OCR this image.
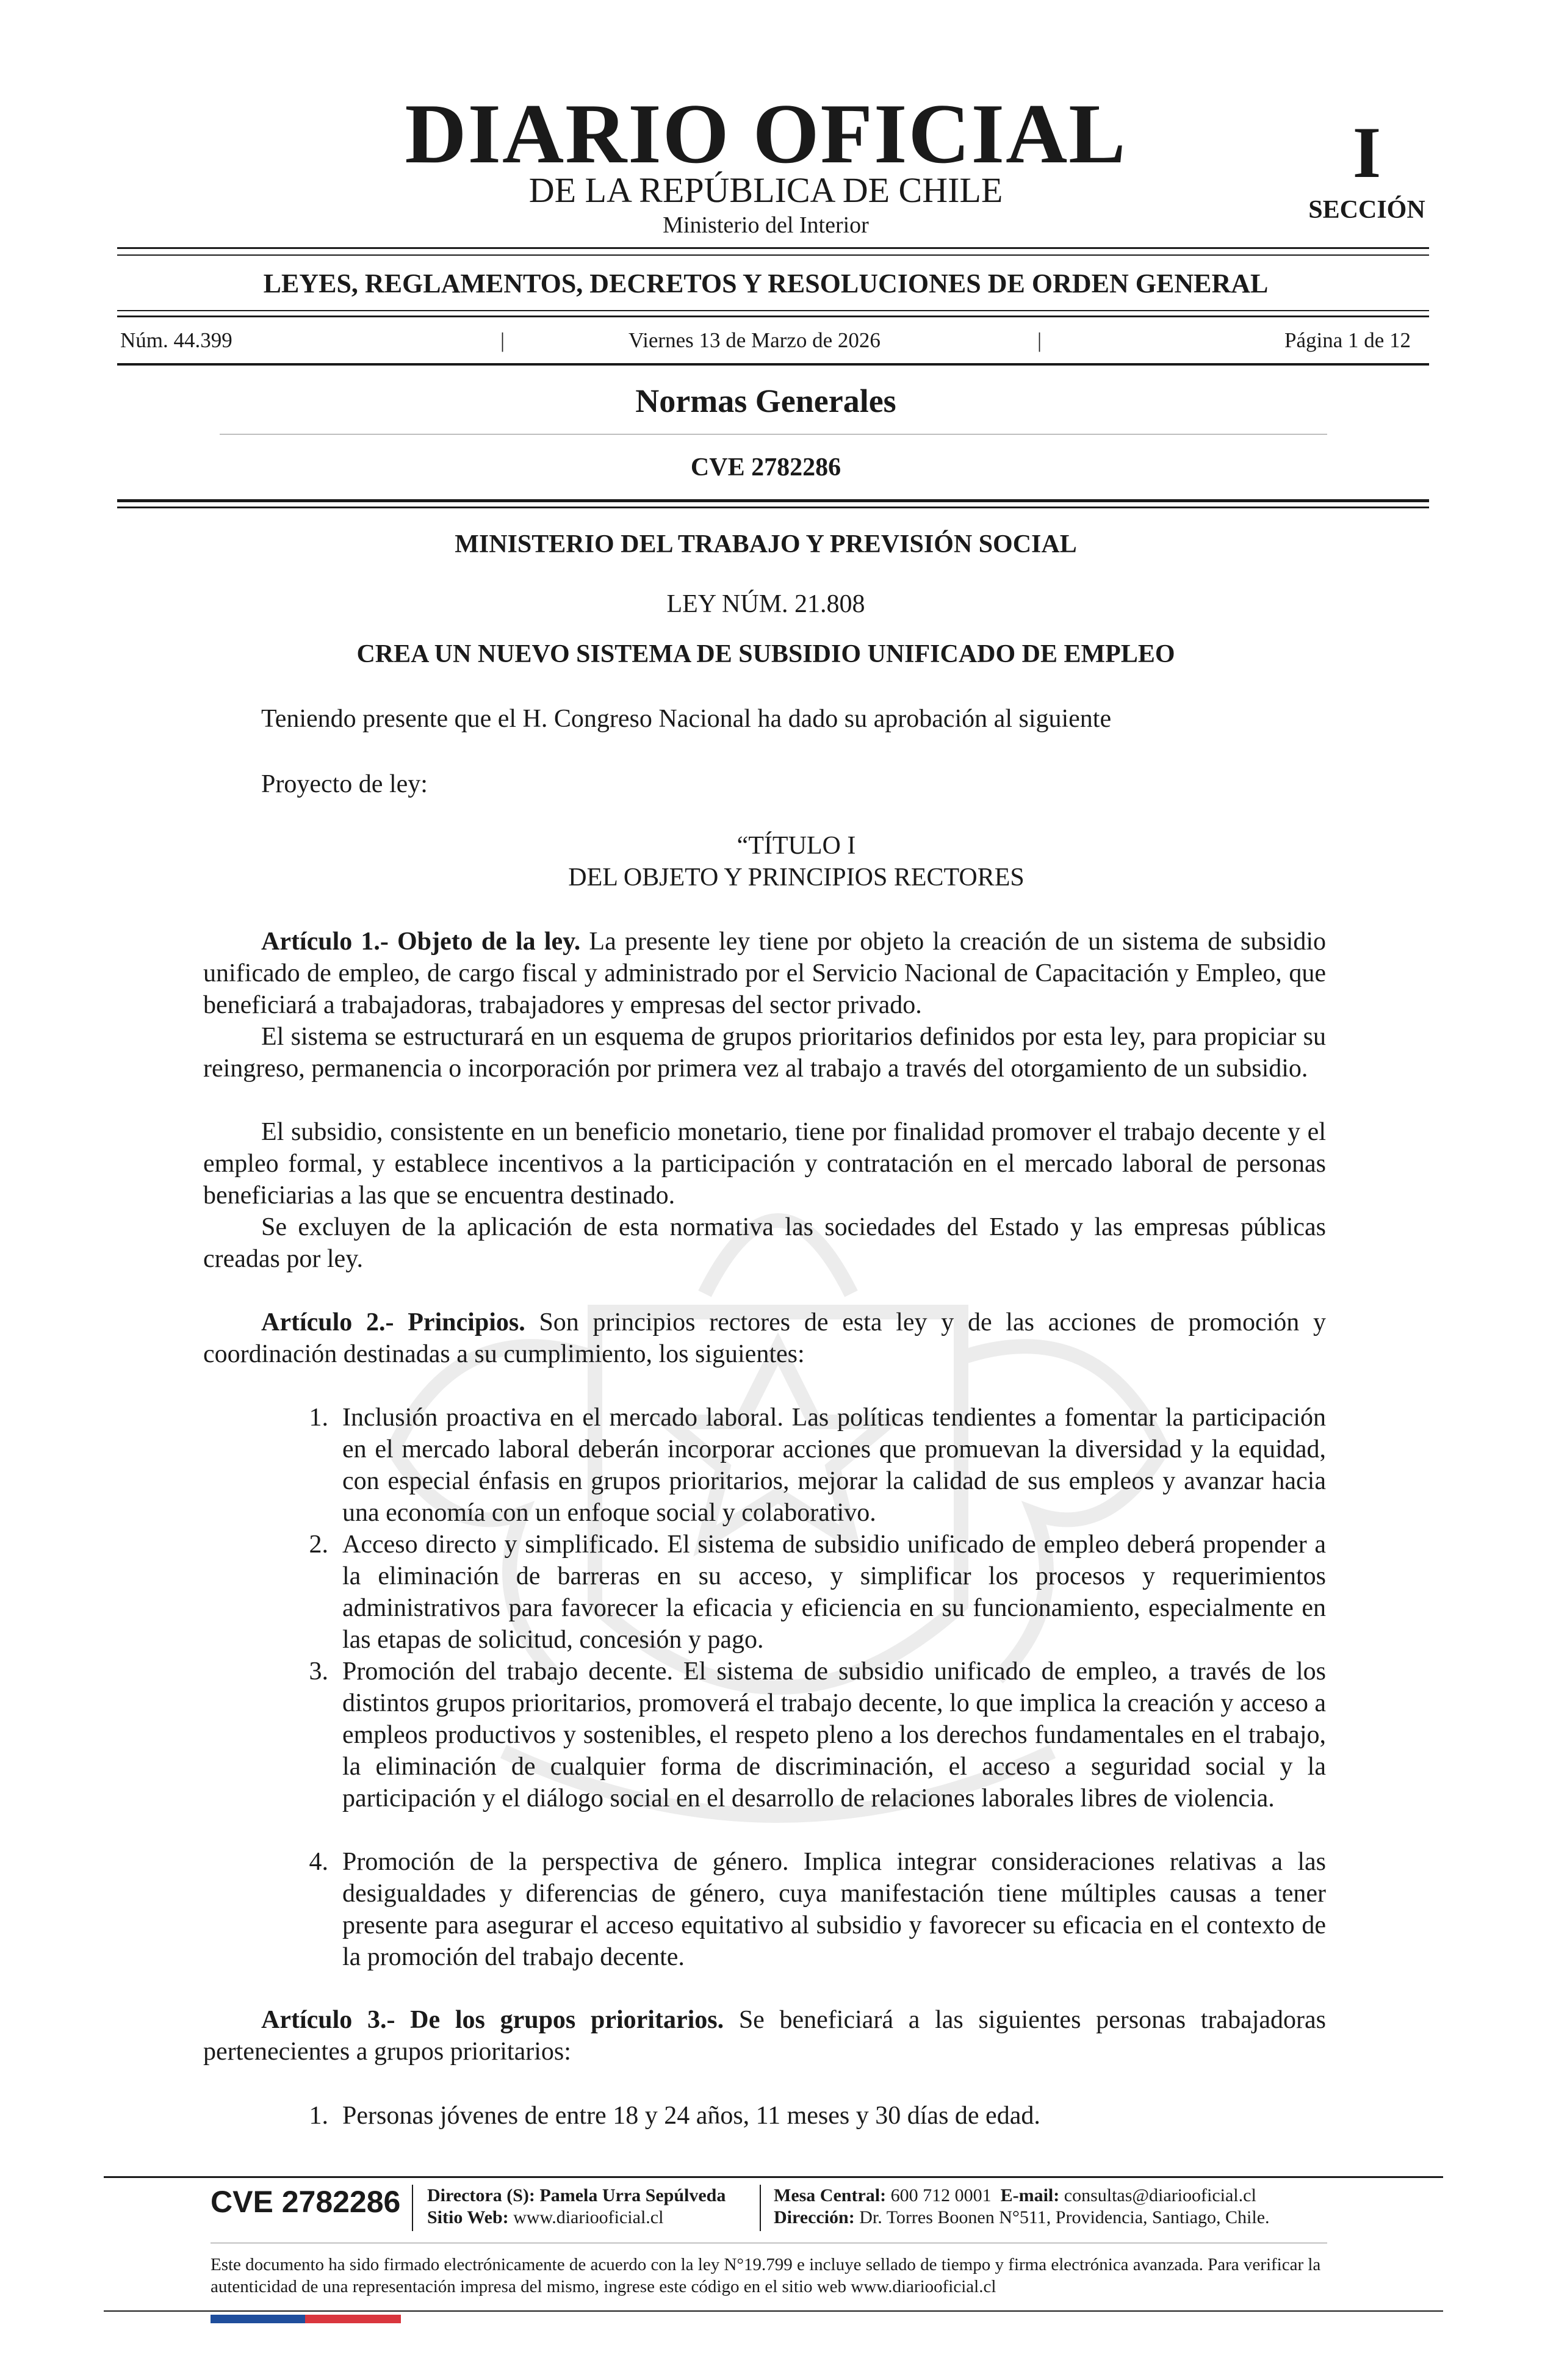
DIARIO OFICIAL
DE LA REPÚBLICA DE CHILE
Ministerio del Interior
I
SECCIÓN
LEYES, REGLAMENTOS, DECRETOS Y RESOLUCIONES DE ORDEN GENERAL
Núm. 44.399	|	Viernes 13 de Marzo de 2026	|	Página 1 de 12
Normas Generales
CVE 2782286
MINISTERIO DEL TRABAJO Y PREVISIÓN SOCIAL
LEY NÚM. 21.808
CREA UN NUEVO SISTEMA DE SUBSIDIO UNIFICADO DE EMPLEO
Teniendo presente que el H. Congreso Nacional ha dado su aprobación al siguiente
Proyecto de ley:
“TÍTULO I
DEL OBJETO Y PRINCIPIOS RECTORES
Artículo 1.- Objeto de la ley. La presente ley tiene por objeto la creación de un sistema de subsidio unificado de empleo, de cargo fiscal y administrado por el Servicio Nacional de Capacitación y Empleo, que beneficiará a trabajadoras, trabajadores y empresas del sector privado.
El sistema se estructurará en un esquema de grupos prioritarios definidos por esta ley, para propiciar su reingreso, permanencia o incorporación por primera vez al trabajo a través del otorgamiento de un subsidio.
El subsidio, consistente en un beneficio monetario, tiene por finalidad promover el trabajo decente y el empleo formal, y establece incentivos a la participación y contratación en el mercado laboral de personas beneficiarias a las que se encuentra destinado.
Se excluyen de la aplicación de esta normativa las sociedades del Estado y las empresas públicas creadas por ley.
Artículo 2.- Principios. Son principios rectores de esta ley y de las acciones de promoción y coordinación destinadas a su cumplimiento, los siguientes:
1. Inclusión proactiva en el mercado laboral. Las políticas tendientes a fomentar la participación en el mercado laboral deberán incorporar acciones que promuevan la diversidad y la equidad, con especial énfasis en grupos prioritarios, mejorar la calidad de sus empleos y avanzar hacia una economía con un enfoque social y colaborativo.
2. Acceso directo y simplificado. El sistema de subsidio unificado de empleo deberá propender a la eliminación de barreras en su acceso, y simplificar los procesos y requerimientos administrativos para favorecer la eficacia y eficiencia en su funcionamiento, especialmente en las etapas de solicitud, concesión y pago.
3. Promoción del trabajo decente. El sistema de subsidio unificado de empleo, a través de los distintos grupos prioritarios, promoverá el trabajo decente, lo que implica la creación y acceso a empleos productivos y sostenibles, el respeto pleno a los derechos fundamentales en el trabajo, la eliminación de cualquier forma de discriminación, el acceso a seguridad social y la participación y el diálogo social en el desarrollo de relaciones laborales libres de violencia.
4. Promoción de la perspectiva de género. Implica integrar consideraciones relativas a las desigualdades y diferencias de género, cuya manifestación tiene múltiples causas a tener presente para asegurar el acceso equitativo al subsidio y favorecer su eficacia en el contexto de la promoción del trabajo decente.
Artículo 3.- De los grupos prioritarios. Se beneficiará a las siguientes personas trabajadoras pertenecientes a grupos prioritarios:
1. Personas jóvenes de entre 18 y 24 años, 11 meses y 30 días de edad.
CVE 2782286 Directora (S): Pamela Urra Sepúlveda
Sitio Web: www.diariooficial.cl
Mesa Central: 600 712 0001 E-mail: consultas@diariooficial.cl
Dirección: Dr. Torres Boonen N°511, Providencia, Santiago, Chile.
Este documento ha sido firmado electrónicamente de acuerdo con la ley N°19.799 e incluye sellado de tiempo y firma electrónica avanzada. Para verificar la autenticidad de una representación impresa del mismo, ingrese este código en el sitio web www.diariooficial.cl
